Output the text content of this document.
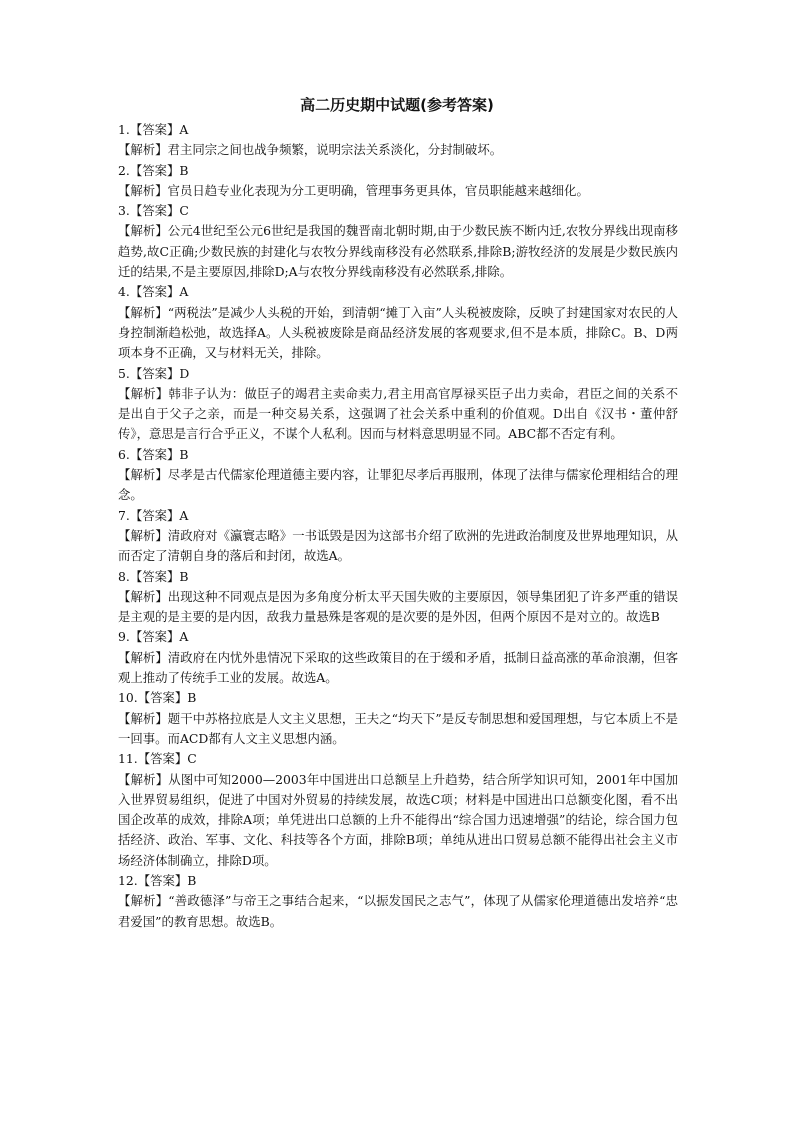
高二历史期中试题(参考答案)

1.【答案】A

【解析】君主同宗之间也战争频繁，说明宗法关系淡化，分封制破坏。

2.【答案】B

【解析】官员日趋专业化表现为分工更明确，管理事务更具体，官员职能越来越细化。

3.【答案】C

【解析】公元4世纪至公元6世纪是我国的魏晋南北朝时期,由于少数民族不断内迁,农牧分界线出现南移趋势,故C正确;少数民族的封建化与农牧分界线南移没有必然联系,排除B;游牧经济的发展是少数民族内迁的结果,不是主要原因,排除D;A与农牧分界线南移没有必然联系,排除。

4.【答案】A

【解析】“两税法”是减少人头税的开始，到清朝“摊丁入亩”人头税被废除，反映了封建国家对农民的人身控制渐趋松弛，故选择A。人头税被废除是商品经济发展的客观要求,但不是本质，排除C。B、D两项本身不正确，又与材料无关，排除。

5.【答案】D

【解析】韩非子认为：做臣子的竭君主卖命卖力,君主用高官厚禄买臣子出力卖命，君臣之间的关系不是出自于父子之亲，而是一种交易关系，这强调了社会关系中重利的价值观。D出自《汉书・董仲舒传》，意思是言行合乎正义，不谋个人私利。因而与材料意思明显不同。ABC都不否定有利。

6.【答案】B

【解析】尽孝是古代儒家伦理道德主要内容，让罪犯尽孝后再服刑，体现了法律与儒家伦理相结合的理念。

7.【答案】A

【解析】清政府对《瀛寰志略》一书诋毁是因为这部书介绍了欧洲的先进政治制度及世界地理知识，从而否定了清朝自身的落后和封闭，故选A。

8.【答案】B

【解析】出现这种不同观点是因为多角度分析太平天国失败的主要原因，领导集团犯了许多严重的错误是主观的是主要的是内因，敌我力量悬殊是客观的是次要的是外因，但两个原因不是对立的。故选B

9.【答案】A

【解析】清政府在内忧外患情况下采取的这些政策目的在于缓和矛盾，抵制日益高涨的革命浪潮，但客观上推动了传统手工业的发展。故选A。

10.【答案】B

【解析】题干中苏格拉底是人文主义思想，王夫之“均天下”是反专制思想和爱国理想，与它本质上不是一回事。而ACD都有人文主义思想内涵。

11.【答案】C

【解析】从图中可知2000—2003年中国进出口总额呈上升趋势，结合所学知识可知，2001年中国加入世界贸易组织，促进了中国对外贸易的持续发展，故选C项；材料是中国进出口总额变化图，看不出国企改革的成效，排除A项；单凭进出口总额的上升不能得出“综合国力迅速增强”的结论，综合国力包括经济、政治、军事、文化、科技等各个方面，排除B项；单纯从进出口贸易总额不能得出社会主义市场经济体制确立，排除D项。

12.【答案】B

【解析】“善政德泽”与帝王之事结合起来，“以振发国民之志气”，体现了从儒家伦理道德出发培养“忠君爱国”的教育思想。故选B。
